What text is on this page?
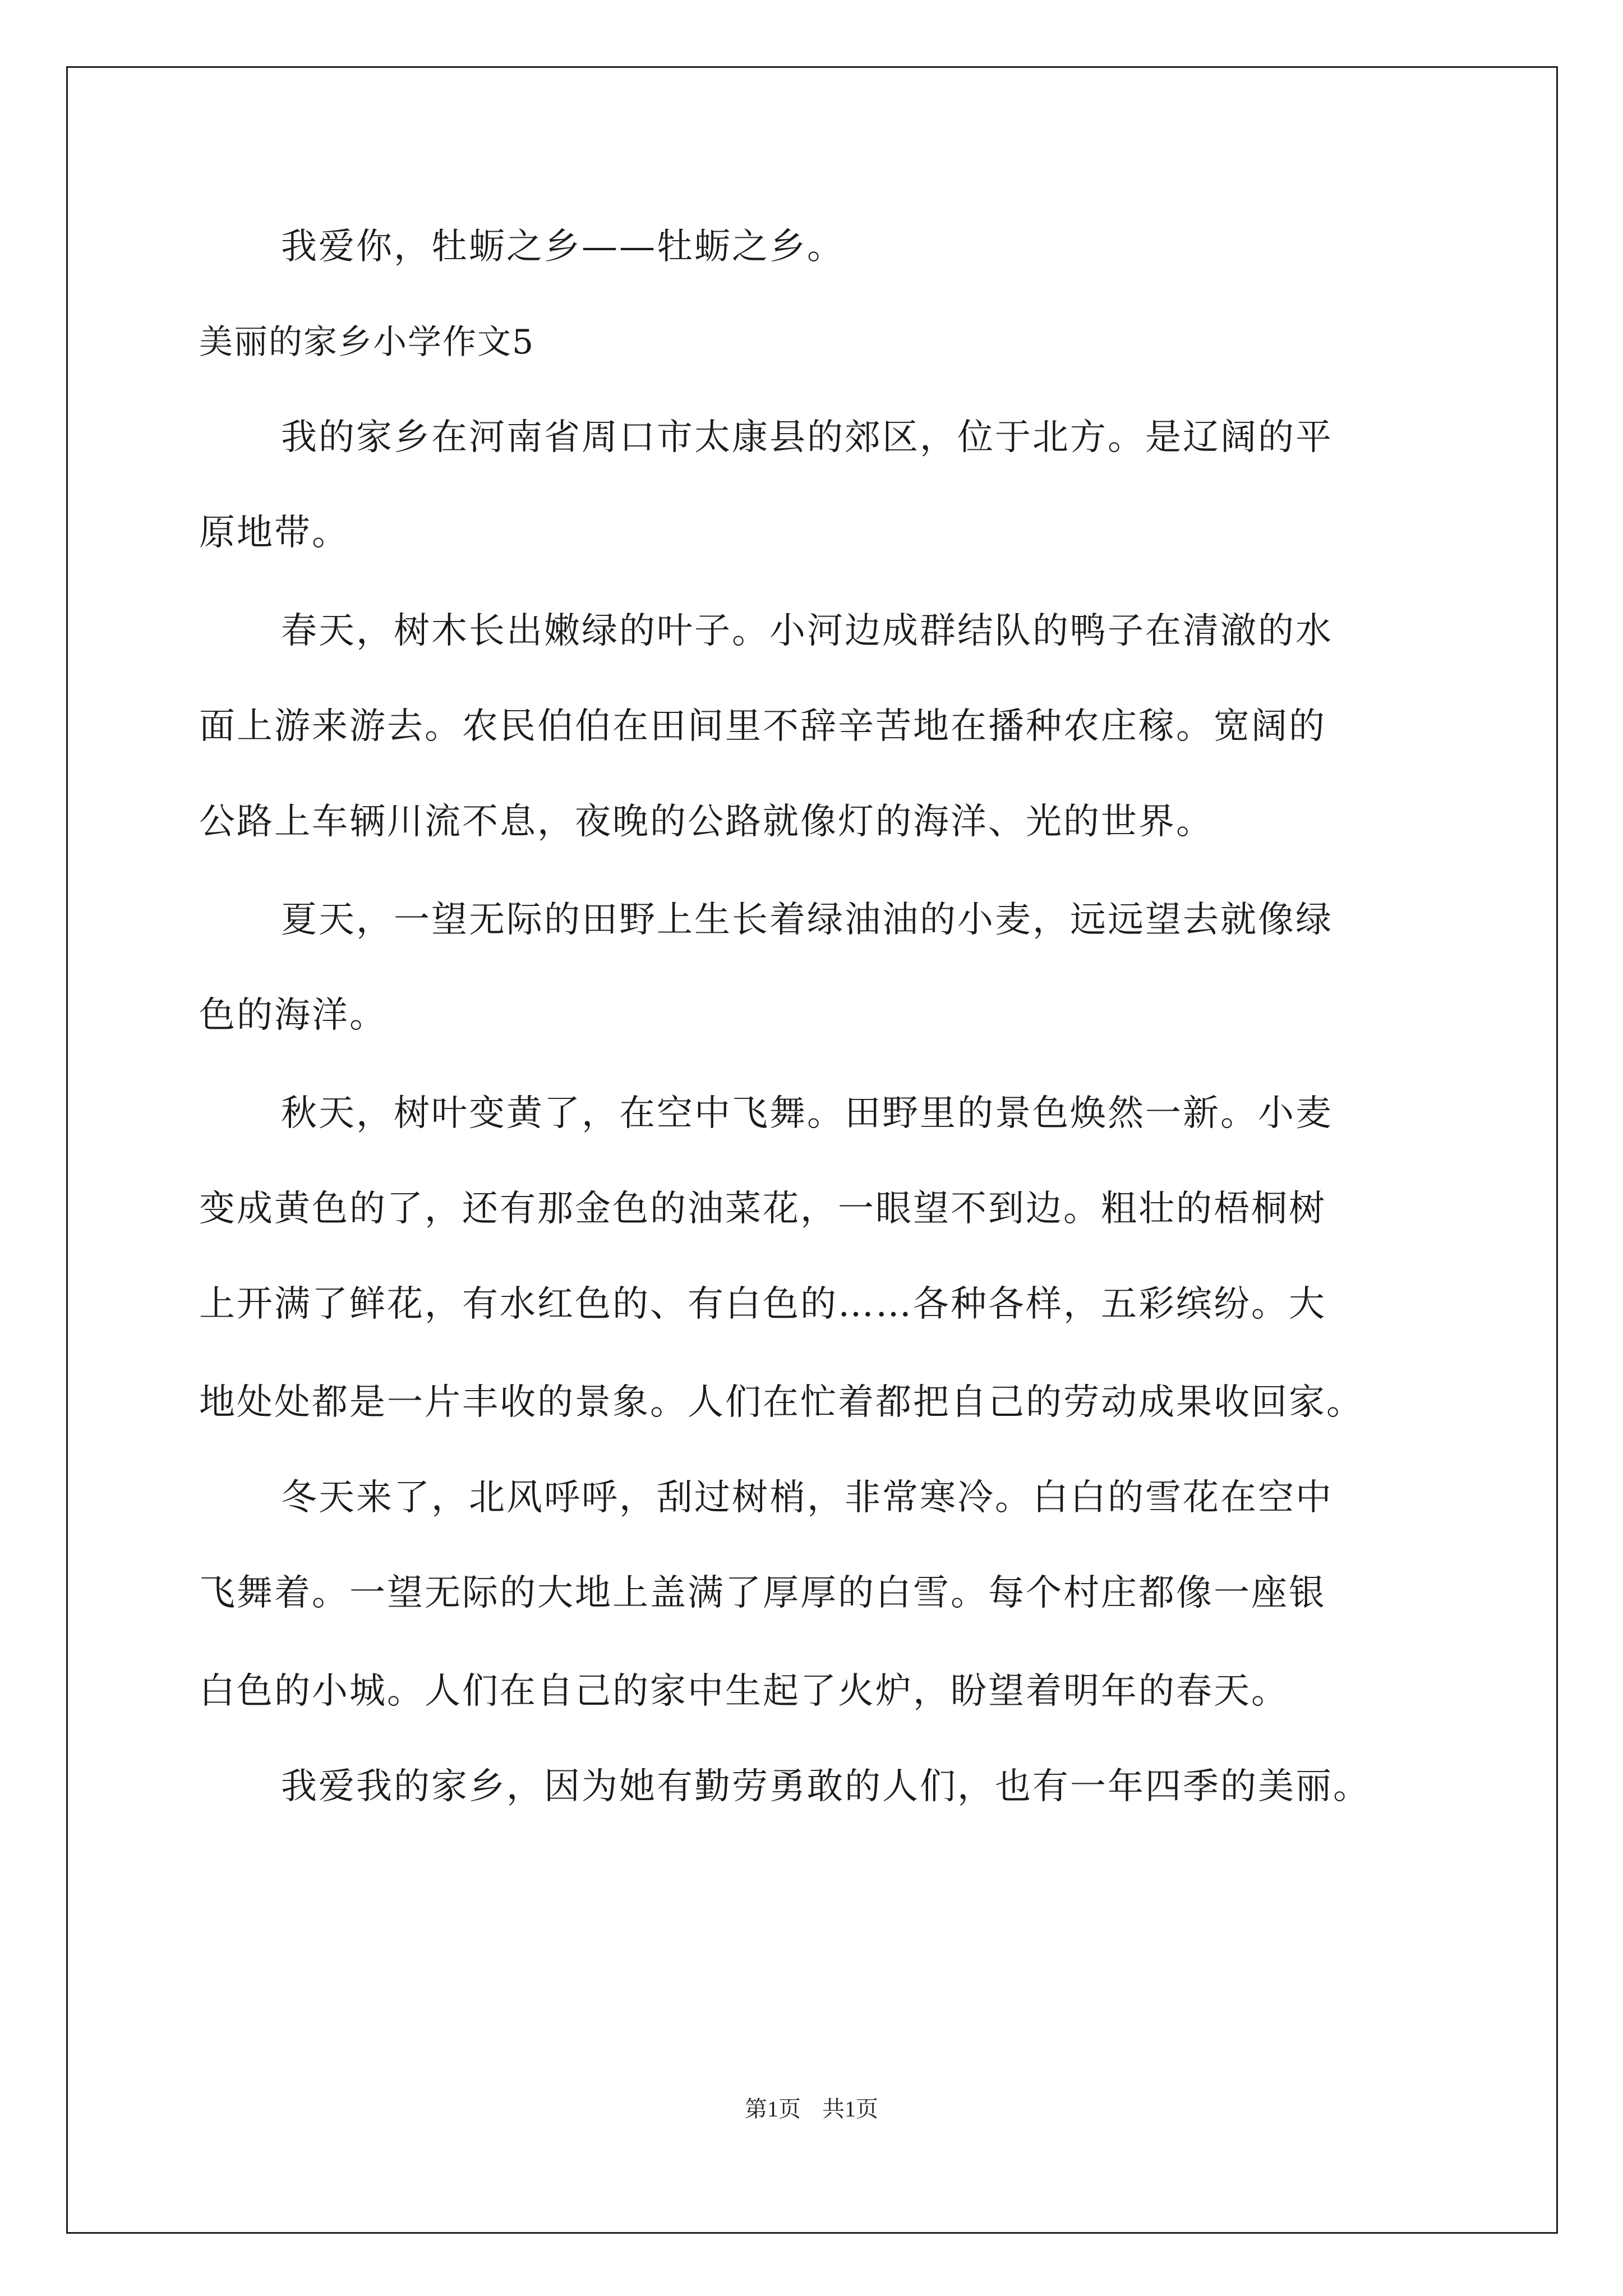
我爱你，牡蛎之乡——牡蛎之乡。
美丽的家乡小学作文5
我的家乡在河南省周口市太康县的郊区，位于北方。是辽阔的平
原地带。
春天，树木长出嫩绿的叶子。小河边成群结队的鸭子在清澈的水
面上游来游去。农民伯伯在田间里不辞辛苦地在播种农庄稼。宽阔的
公路上车辆川流不息，夜晚的公路就像灯的海洋、光的世界。
夏天，一望无际的田野上生长着绿油油的小麦，远远望去就像绿
色的海洋。
秋天，树叶变黄了，在空中飞舞。田野里的景色焕然一新。小麦
变成黄色的了，还有那金色的油菜花，一眼望不到边。粗壮的梧桐树
上开满了鲜花，有水红色的、有白色的……各种各样，五彩缤纷。大
地处处都是一片丰收的景象。人们在忙着都把自己的劳动成果收回家。
冬天来了，北风呼呼，刮过树梢，非常寒冷。白白的雪花在空中
飞舞着。一望无际的大地上盖满了厚厚的白雪。每个村庄都像一座银
白色的小城。人们在自己的家中生起了火炉，盼望着明年的春天。
我爱我的家乡，因为她有勤劳勇敢的人们，也有一年四季的美丽。
第1页 共1页
